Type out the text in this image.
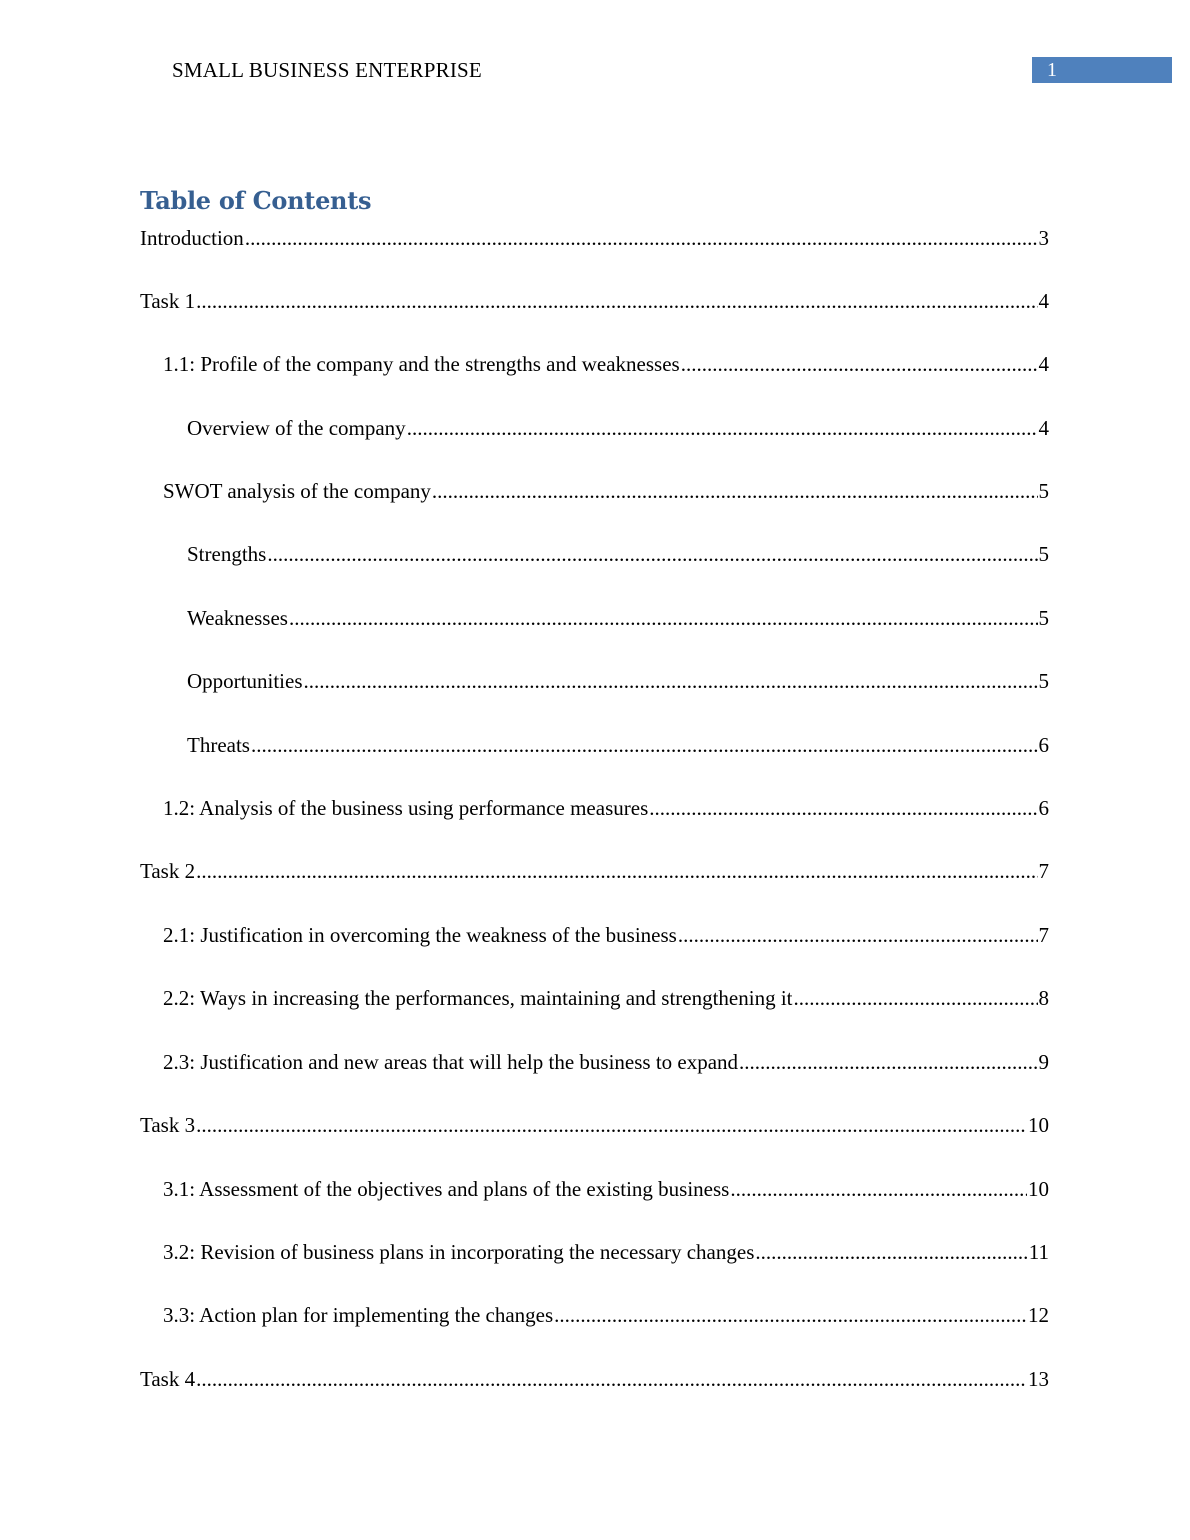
SMALL BUSINESS ENTERPRISE	1
Table of Contents
Introduction .....	3
Task 1 .....	4
1.1: Profile of the company and the strengths and weaknesses .....	4
Overview of the company .....	4
SWOT analysis of the company .....	5
Strengths .....	5
Weaknesses .....	5
Opportunities .....	5
Threats .....	6
1.2: Analysis of the business using performance measures .....	6
Task 2 .....	7
2.1: Justification in overcoming the weakness of the business .....	7
2.2: Ways in increasing the performances, maintaining and strengthening it .....	8
2.3: Justification and new areas that will help the business to expand .....	9
Task 3 .....	10
3.1: Assessment of the objectives and plans of the existing business .....	10
3.2: Revision of business plans in incorporating the necessary changes .....	11
3.3: Action plan for implementing the changes .....	12
Task 4 .....	13
